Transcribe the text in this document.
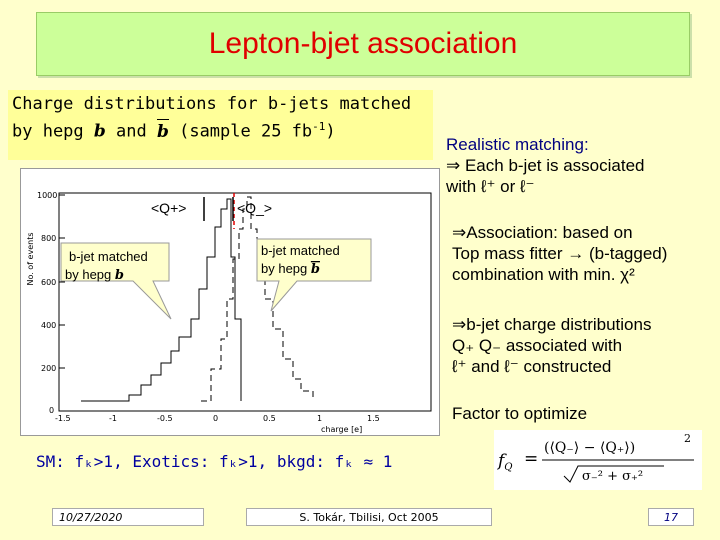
Lepton-bjet association
Charge distributions for b-jets matched
by hepg b and b (sample 25 $fb^{-1}$)
Realistic matching:
⇒ Each b-jet is associated
with ℓ⁺ or ℓ⁻
⇒Association: based on
Top mass fitter → (b-tagged)
combination with min. χ²
⇒b-jet charge distributions
Q₊ Q₋ associated with
ℓ⁺ and ℓ⁻ constructed
Factor to optimize
1000
800
600
400
200
0
No. of events
-1.5	-1	-0.5	0	0.5	1	1.5
charge [e]
<Q+>	<Q_>
b-jet matched
by hepg b
b-jet matched
by hepg b
SM: fₖ>1, Exotics: fₖ>1, bkgd: fₖ ≈ 1	$f_Q$ =
(⟨Q₋⟩ − ⟨Q₊⟩)
2
σ₋² + σ₊²
10/27/2020	S. Tokár, Tbilisi, Oct 2005	17
